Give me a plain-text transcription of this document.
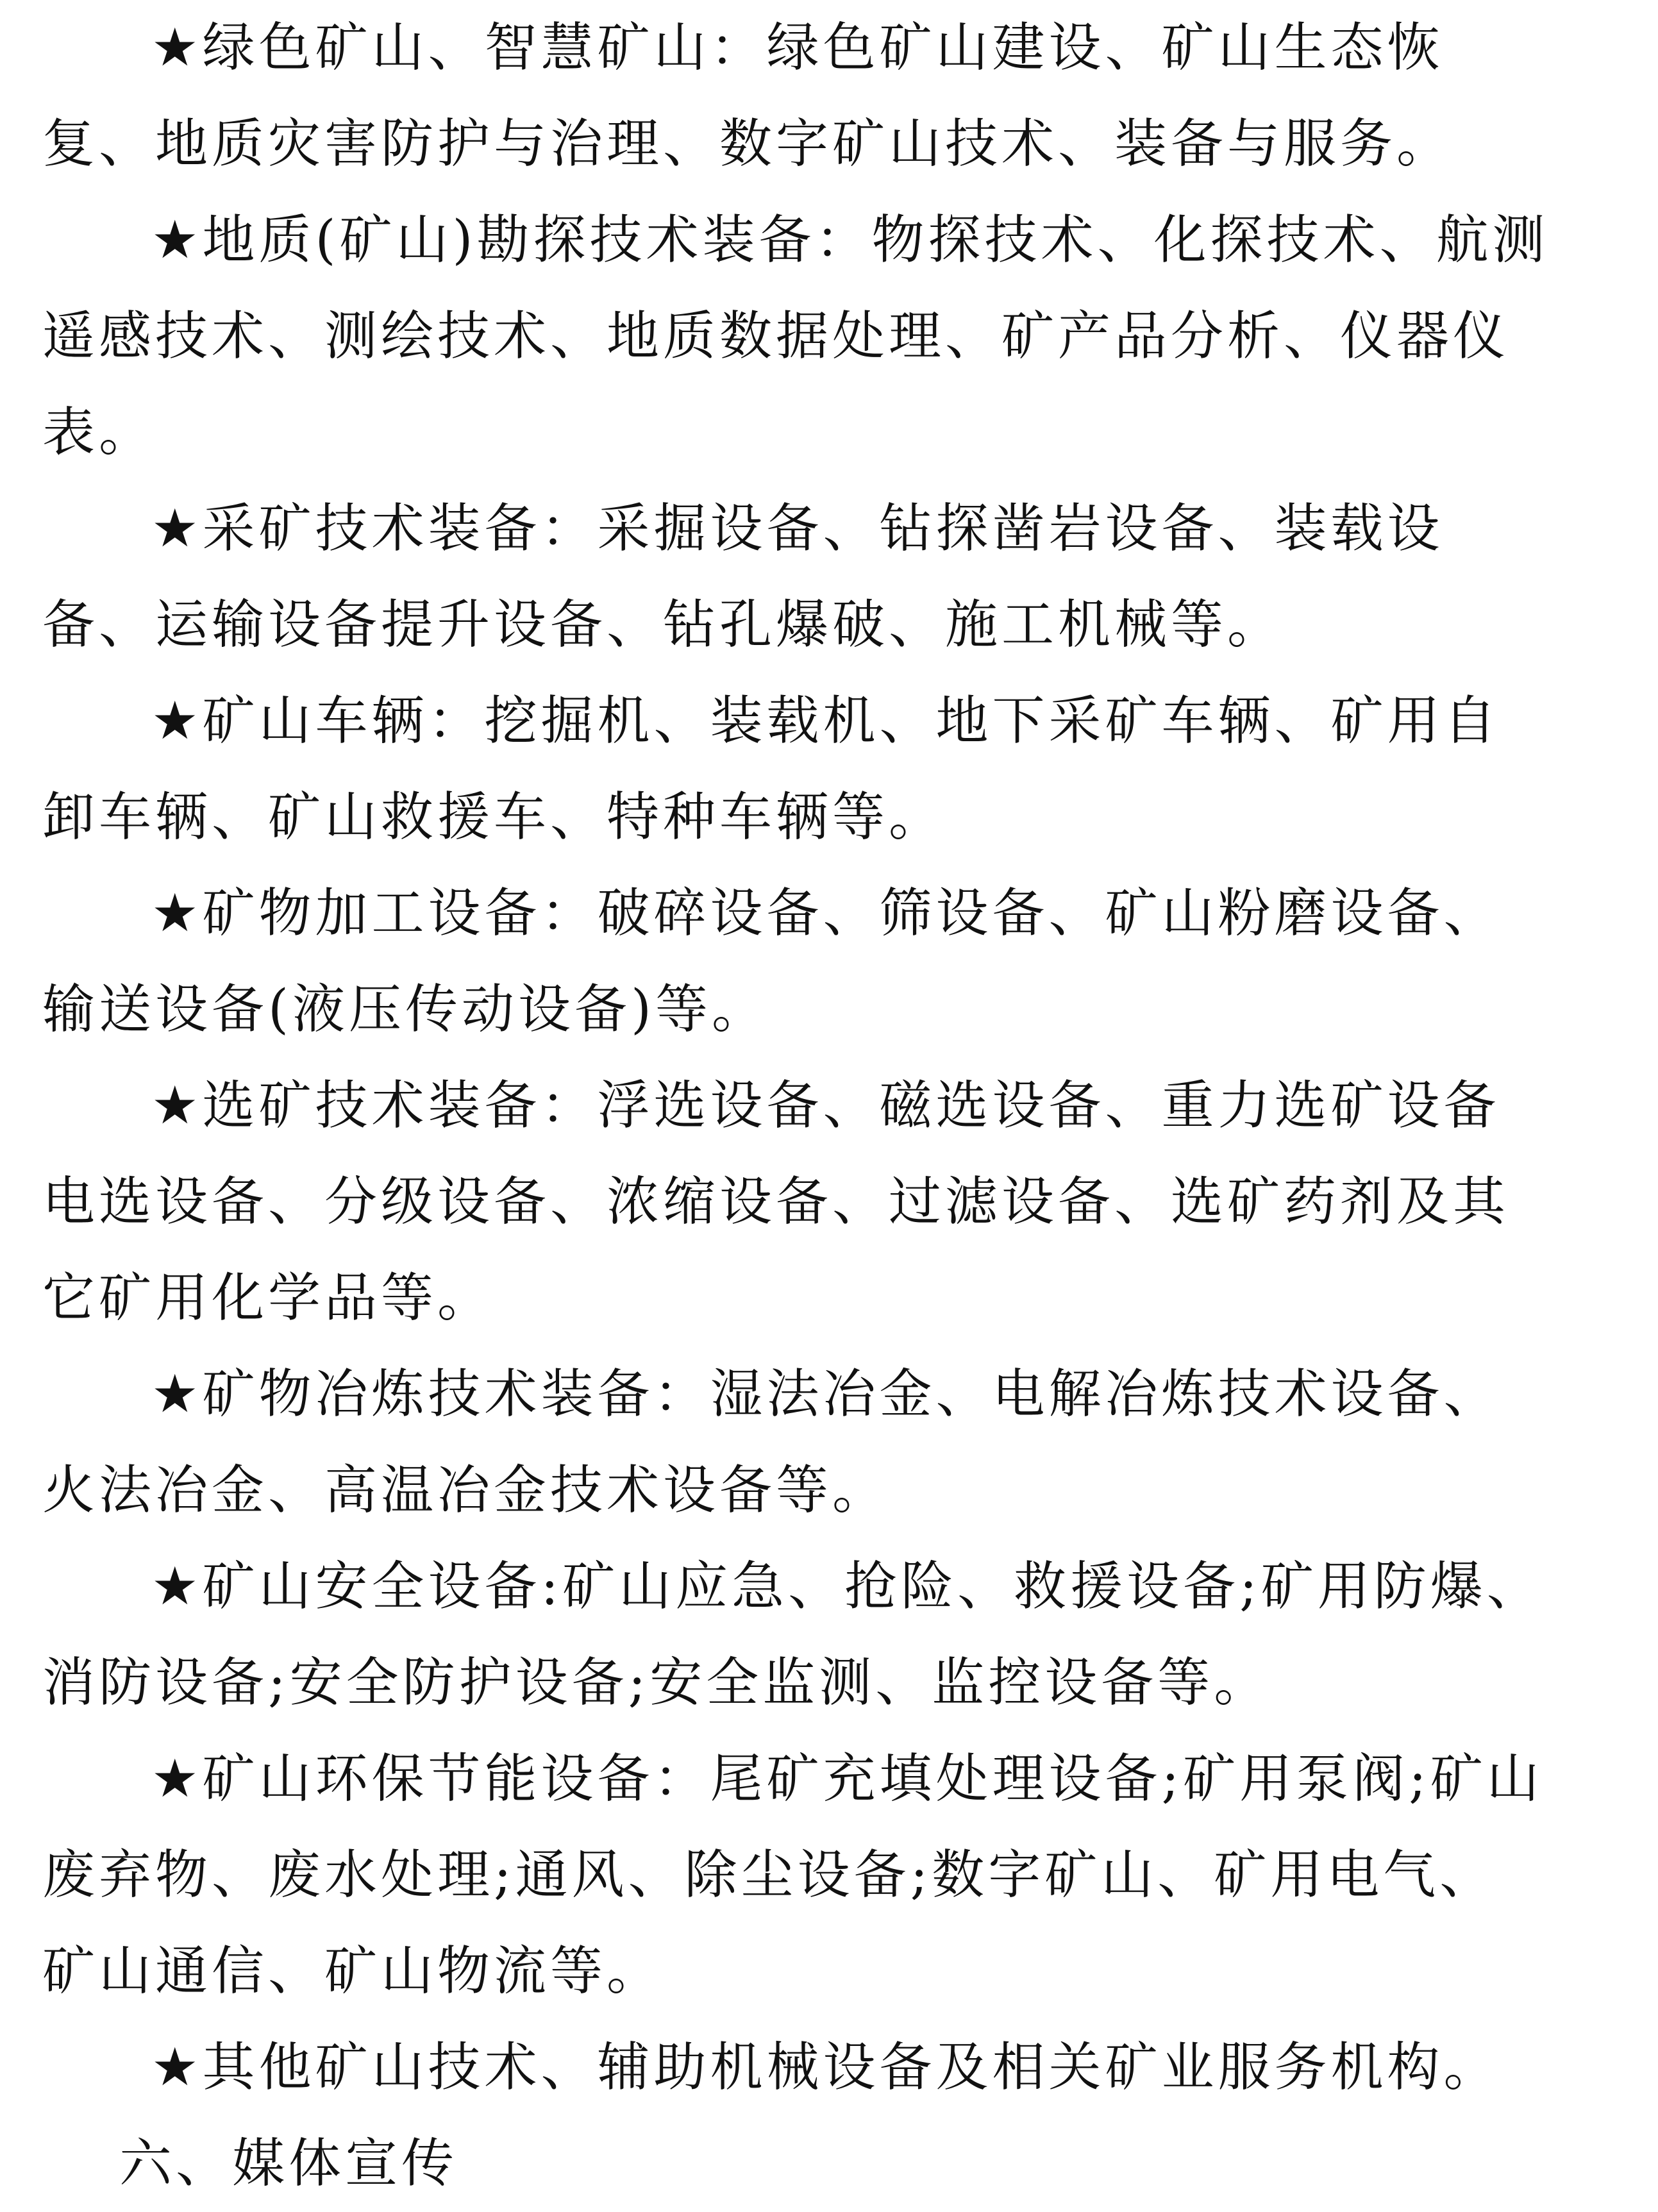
★绿色矿山、智慧矿山：绿色矿山建设、矿山生态恢复、地质灾害防护与治理、数字矿山技术、装备与服务。

★地质(矿山)勘探技术装备：物探技术、化探技术、航测遥感技术、测绘技术、地质数据处理、矿产品分析、仪器仪表。

★采矿技术装备：采掘设备、钻探凿岩设备、装载设备、运输设备提升设备、钻孔爆破、施工机械等。

★矿山车辆：挖掘机、装载机、地下采矿车辆、矿用自卸车辆、矿山救援车、特种车辆等。

★矿物加工设备：破碎设备、筛设备、矿山粉磨设备、输送设备(液压传动设备)等。

★选矿技术装备：浮选设备、磁选设备、重力选矿设备电选设备、分级设备、浓缩设备、过滤设备、选矿药剂及其它矿用化学品等。

★矿物冶炼技术装备：湿法冶金、电解冶炼技术设备、火法冶金、高温冶金技术设备等。

★矿山安全设备:矿山应急、抢险、救援设备;矿用防爆、消防设备;安全防护设备;安全监测、监控设备等。

★矿山环保节能设备：尾矿充填处理设备;矿用泵阀;矿山废弃物、废水处理;通风、除尘设备;数字矿山、矿用电气、矿山通信、矿山物流等。

★其他矿山技术、辅助机械设备及相关矿业服务机构。

六、媒体宣传
